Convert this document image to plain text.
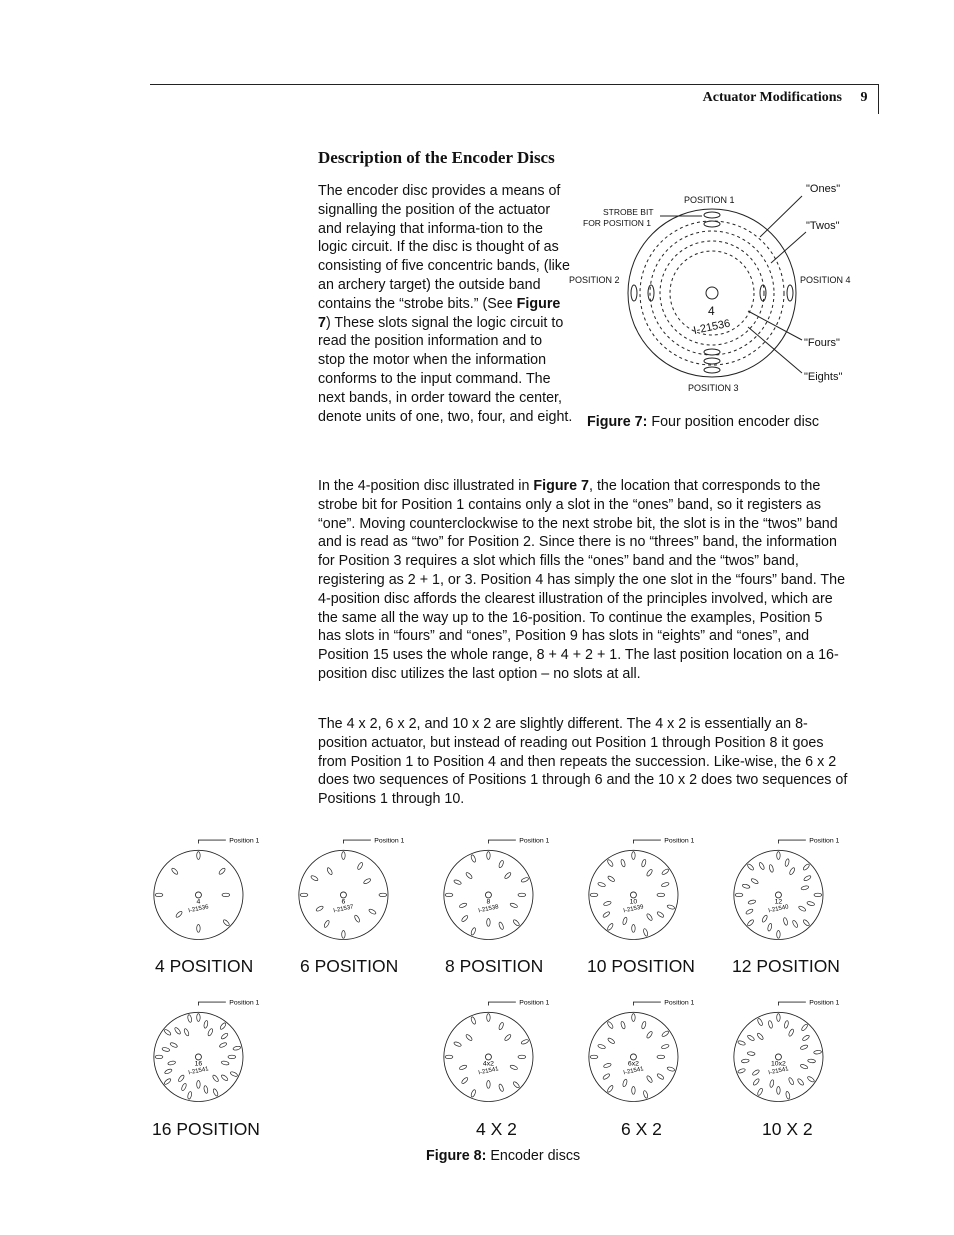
Actuator Modifications	9
Description of the Encoder Discs
The encoder disc provides a means of signalling the position of the actuator and relaying that informa-tion to the logic circuit. If the disc is thought of as consisting of five concentric bands, (like an archery target) the outside band contains the “strobe bits.” (See Figure 7) These slots signal the logic circuit to read the position information and to stop the motor when the information conforms to the input command. The next bands, in order toward the center, denote units of one, two, four, and eight.
POSITION 1
STROBE BIT
FOR POSITION 1
POSITION 2	POSITION 4
POSITION 3
"Ones"
"Twos"
"Fours"
"Eights"
4
I-21536
Figure 7: Four position encoder disc
In the 4-position disc illustrated in Figure 7, the location that corresponds to the strobe bit for Position 1 contains only a slot in the “ones” band, so it registers as “one”. Moving counterclockwise to the next strobe bit, the slot is in the “twos” band and is read as “two” for Position 2. Since there is no “threes” band, the information for Position 3 requires a slot which fills the “ones” band and the “twos” band, registering as 2 + 1, or 3. Position 4 has simply the one slot in the “fours” band. The 4-position disc affords the clearest illustration of the principles involved, which are the same all the way up to the 16-position. To continue the examples, Position 5 has slots in “fours” and “ones”, Position 9 has slots in “eights” and “ones”, and Position 15 uses the whole range, 8 + 4 + 2 + 1. The last position location on a 16-position disc utilizes the last option – no slots at all.
The 4 x 2, 6 x 2, and 10 x 2 are slightly different. The 4 x 2 is essentially an 8-position actuator, but instead of reading out Position 1 through Position 8 it goes from Position 1 to Position 4 and then repeats the succession. Like-wise, the 6 x 2 does two sequences of Positions 1 through 6 and the 10 x 2 does two sequences of Positions 1 through 10.
4
I-21536
Position 1
4 POSITION
6
I-21537
Position 1
6 POSITION
8
I-21538
Position 1
8 POSITION
10
I-21539
Position 1
10 POSITION
12
I-21540
Position 1
12 POSITION
16
I-21541
Position 1
16 POSITION
4x2
I-21541
Position 1
4 X 2
6x2
I-21541
Position 1
6 X 2
10x2
I-21541
Position 1
10 X 2
Figure 8: Encoder discs
